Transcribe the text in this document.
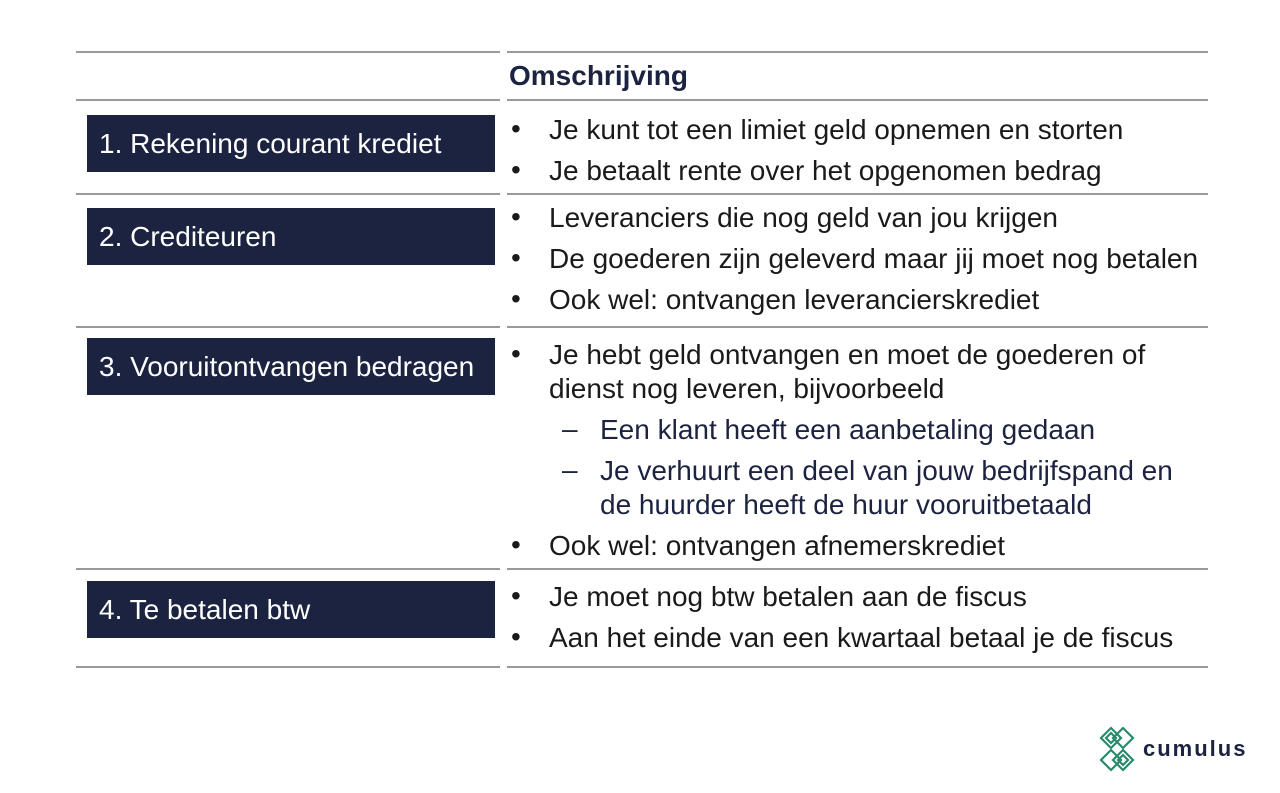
Omschrijving
1. Rekening courant krediet	• Je kunt tot een limiet geld opnemen en storten
• Je betaalt rente over het opgenomen bedrag
2. Crediteuren
• Leveranciers die nog geld van jou krijgen
• De goederen zijn geleverd maar jij moet nog betalen
• Ook wel: ontvangen leverancierskrediet
3. Vooruitontvangen bedragen	• Je hebt geld ontvangen en moet de goederen of
dienst nog leveren, bijvoorbeeld
– Een klant heeft een aanbetaling gedaan
– Je verhuurt een deel van jouw bedrijfspand en
de huurder heeft de huur vooruitbetaald
• Ook wel: ontvangen afnemerskrediet
4. Te betalen btw	• Je moet nog btw betalen aan de fiscus
• Aan het einde van een kwartaal betaal je de fiscus
cumulus
